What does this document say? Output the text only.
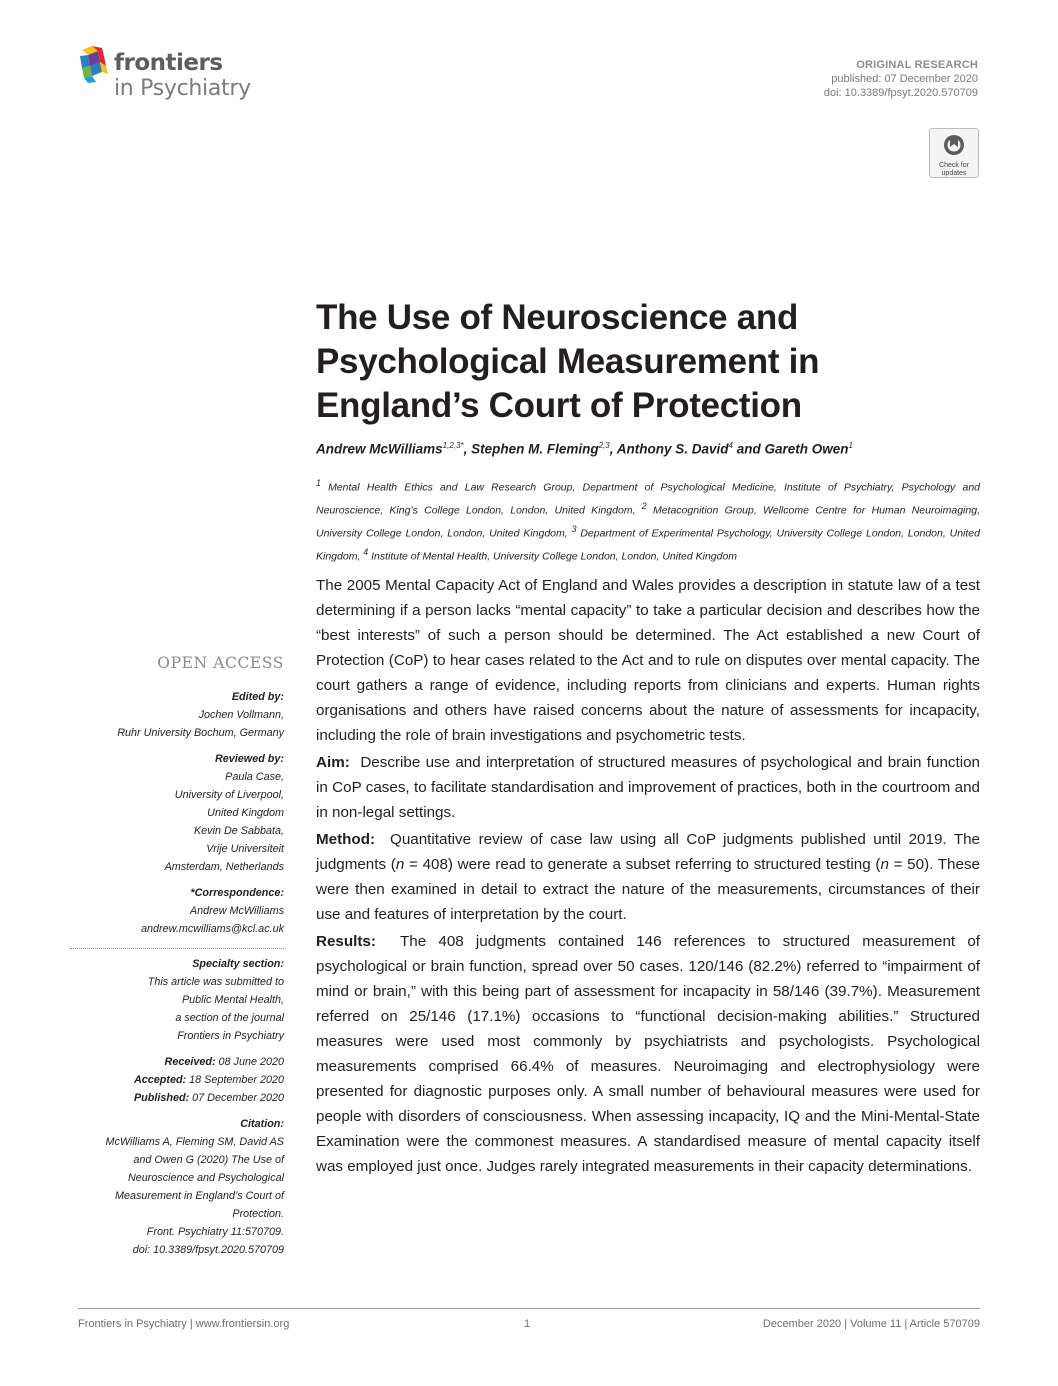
frontiers
in Psychiatry
ORIGINAL RESEARCH
published: 07 December 2020
doi: 10.3389/fpsyt.2020.570709
Check for
updates
The Use of Neuroscience and Psychological Measurement in England’s Court of Protection
Andrew McWilliams$^{1,2,3*}$, Stephen M. Fleming$^{2,3}$, Anthony S. David$^4$ and Gareth Owen$^1$
$^1$ Mental Health Ethics and Law Research Group, Department of Psychological Medicine, Institute of Psychiatry, Psychology and Neuroscience, King’s College London, London, United Kingdom, $^2$ Metacognition Group, Wellcome Centre for Human Neuroimaging, University College London, London, United Kingdom, $^3$ Department of Experimental Psychology, University College London, London, United Kingdom, $^4$ Institute of Mental Health, University College London, London, United Kingdom
OPEN ACCESS
Edited by:
Jochen Vollmann,
Ruhr University Bochum, Germany
Reviewed by:
Paula Case,
University of Liverpool,
United Kingdom
Kevin De Sabbata,
Vrije Universiteit
Amsterdam, Netherlands
*Correspondence:
Andrew McWilliams
andrew.mcwilliams@kcl.ac.uk
Specialty section:
This article was submitted to
Public Mental Health,
a section of the journal
Frontiers in Psychiatry
Received: 08 June 2020
Accepted: 18 September 2020
Published: 07 December 2020
Citation:
McWilliams A, Fleming SM, David AS
and Owen G (2020) The Use of
Neuroscience and Psychological
Measurement in England’s Court of
Protection.
Front. Psychiatry 11:570709.
doi: 10.3389/fpsyt.2020.570709

The 2005 Mental Capacity Act of England and Wales provides a description in statute law of a test determining if a person lacks “mental capacity” to take a particular decision and describes how the “best interests” of such a person should be determined. The Act established a new Court of Protection (CoP) to hear cases related to the Act and to rule on disputes over mental capacity. The court gathers a range of evidence, including reports from clinicians and experts. Human rights organisations and others have raised concerns about the nature of assessments for incapacity, including the role of brain investigations and psychometric tests.

Aim: Describe use and interpretation of structured measures of psychological and brain function in CoP cases, to facilitate standardisation and improvement of practices, both in the courtroom and in non-legal settings.

Method: Quantitative review of case law using all CoP judgments published until 2019. The judgments (n = 408) were read to generate a subset referring to structured testing (n = 50). These were then examined in detail to extract the nature of the measurements, circumstances of their use and features of interpretation by the court.

Results: The 408 judgments contained 146 references to structured measurement of psychological or brain function, spread over 50 cases. 120/146 (82.2%) referred to “impairment of mind or brain,” with this being part of assessment for incapacity in 58/146 (39.7%). Measurement referred on 25/146 (17.1%) occasions to “functional decision-making abilities.” Structured measures were used most commonly by psychiatrists and psychologists. Psychological measurements comprised 66.4% of measures. Neuroimaging and electrophysiology were presented for diagnostic purposes only. A small number of behavioural measures were used for people with disorders of consciousness. When assessing incapacity, IQ and the Mini-Mental-State Examination were the commonest measures. A standardised measure of mental capacity itself was employed just once. Judges rarely integrated measurements in their capacity determinations.

Frontiers in Psychiatry | www.frontiersin.org	1	December 2020 | Volume 11 | Article 570709
